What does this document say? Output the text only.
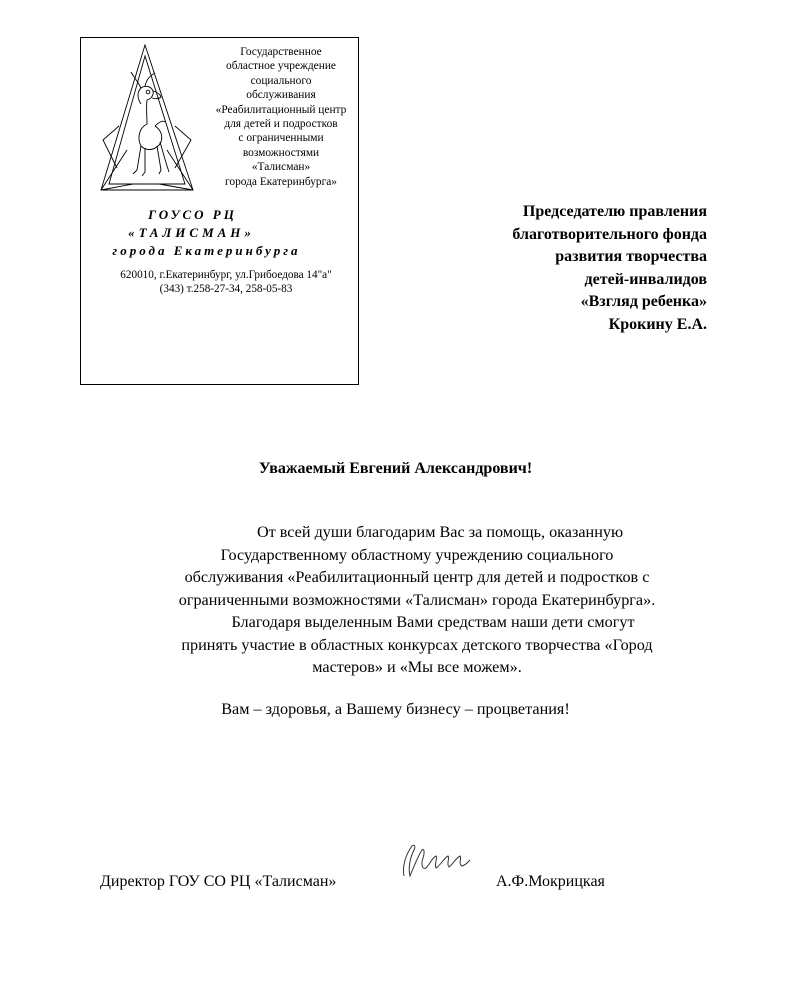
Государственное
областное учреждение
социального
обслуживания
«Реабилитационный центр
для детей и подростков
с ограниченными
возможностями
«Талисман»
города Екатеринбурга»
ГОУСО РЦ
«ТАЛИСМАН»
города Екатеринбурга
620010, г.Екатеринбург, ул.Грибоедова 14"а"
(343) т.258-27-34, 258-05-83
Председателю правления
благотворительного фонда
развития творчества
детей-инвалидов
«Взгляд ребенка»
Крокину Е.А.
Уважаемый Евгений Александрович!
От всей души благодарим Вас за помощь, оказанную
Государственному областному учреждению социального
обслуживания «Реабилитационный центр для детей и подростков с
ограниченными возможностями «Талисман» города Екатеринбурга».
Благодаря выделенным Вами средствам наши дети смогут
принять участие в областных конкурсах детского творчества «Город
мастеров» и «Мы все можем».
Вам – здоровья, а Вашему бизнесу – процветания!
Директор ГОУ СО РЦ «Талисман»	А.Ф.Мокрицкая
